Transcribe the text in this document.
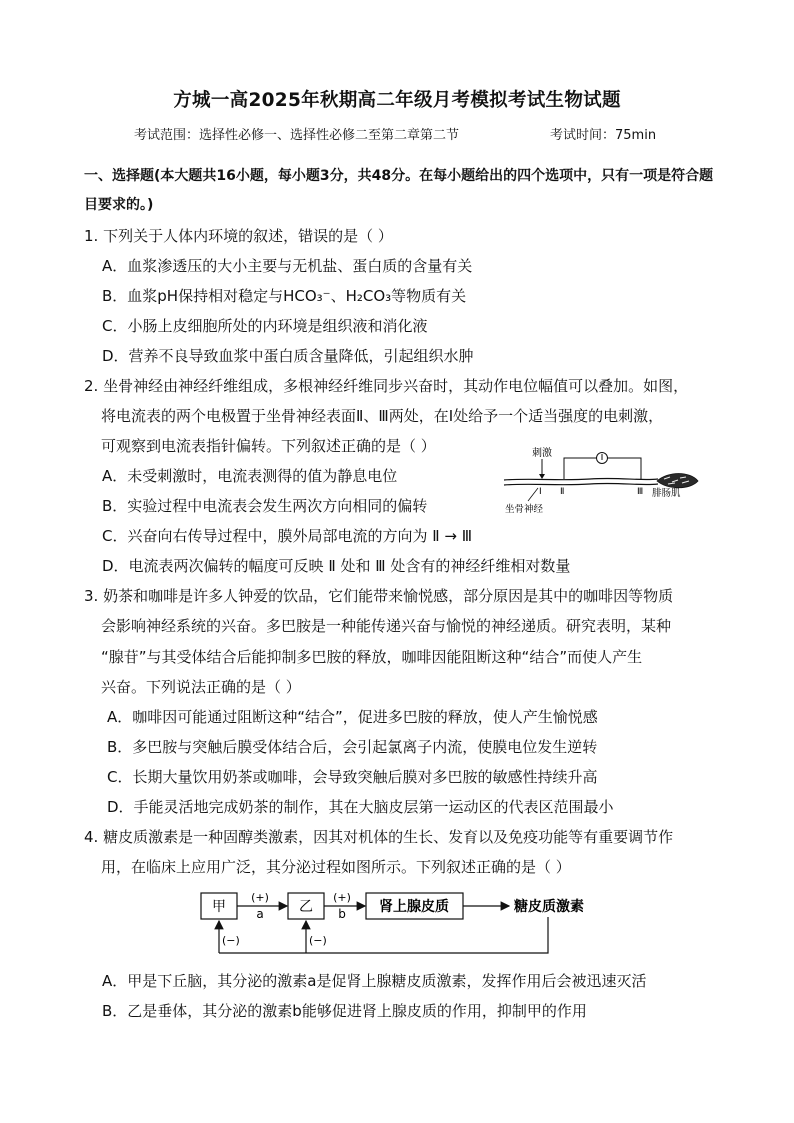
方城一高2025年秋期高二年级月考模拟考试生物试题
考试范围：选择性必修一、选择性必修二至第二章第二节	考试时间：75min
一、选择题(本大题共16小题，每小题3分，共48分。在每小题给出的四个选项中，只有一项是符合题目要求的。)
1. 下列关于人体内环境的叙述，错误的是（ ）
A．血浆渗透压的大小主要与无机盐、蛋白质的含量有关
B．血浆pH保持相对稳定与HCO₃⁻、H₂CO₃等物质有关
C．小肠上皮细胞所处的内环境是组织液和消化液
D．营养不良导致血浆中蛋白质含量降低，引起组织水肿
2. 坐骨神经由神经纤维组成，多根神经纤维同步兴奋时，其动作电位幅值可以叠加。如图，
将电流表的两个电极置于坐骨神经表面Ⅱ、Ⅲ两处，在Ⅰ处给予一个适当强度的电刺激，
可观察到电流表指针偏转。下列叙述正确的是（ ）
A．未受刺激时，电流表测得的值为静息电位
B．实验过程中电流表会发生两次方向相同的偏转
C．兴奋向右传导过程中，膜外局部电流的方向为 Ⅱ → Ⅲ
D．电流表两次偏转的幅度可反映 Ⅱ 处和 Ⅲ 处含有的神经纤维相对数量
刺激
Ⅰ Ⅱ	Ⅲ 腓肠肌
坐骨神经
3. 奶茶和咖啡是许多人钟爱的饮品，它们能带来愉悦感，部分原因是其中的咖啡因等物质
会影响神经系统的兴奋。多巴胺是一种能传递兴奋与愉悦的神经递质。研究表明，某种
“腺苷”与其受体结合后能抑制多巴胺的释放，咖啡因能阻断这种“结合”而使人产生
兴奋。下列说法正确的是（ ）
A．咖啡因可能通过阻断这种“结合”，促进多巴胺的释放，使人产生愉悦感
B．多巴胺与突触后膜受体结合后，会引起氯离子内流，使膜电位发生逆转
C．长期大量饮用奶茶或咖啡，会导致突触后膜对多巴胺的敏感性持续升高
D．手能灵活地完成奶茶的制作，其在大脑皮层第一运动区的代表区范围最小
4. 糖皮质激素是一种固醇类激素，因其对机体的生长、发育以及免疫功能等有重要调节作
用，在临床上应用广泛，其分泌过程如图所示。下列叙述正确的是（ ）
甲	乙	肾上腺皮质
(+)
a
(+)
b	糖皮质激素
(−)	(−)
A．甲是下丘脑，其分泌的激素a是促肾上腺糖皮质激素，发挥作用后会被迅速灭活
B．乙是垂体，其分泌的激素b能够促进肾上腺皮质的作用，抑制甲的作用
